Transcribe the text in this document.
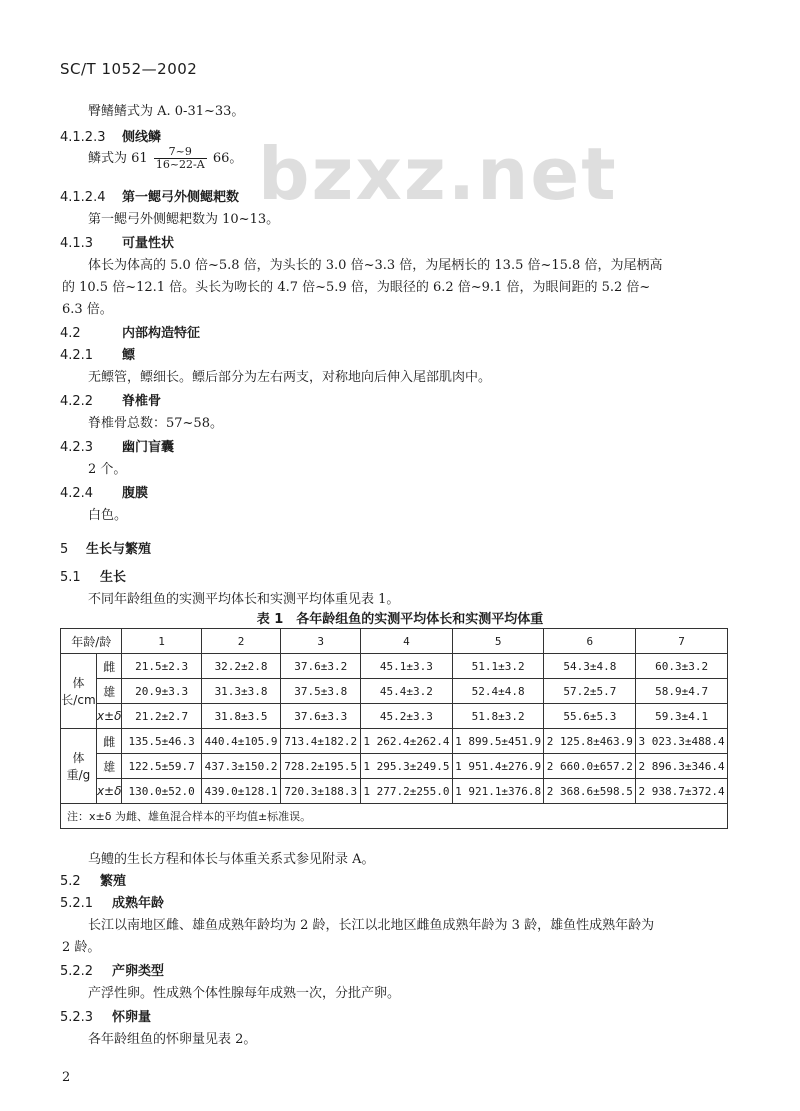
SC/T 1052—2002
bzxz.net
臀鳍鳍式为 A. 0-31~33。
4.1.2.3 侧线鳞
鳞式为 $61 \frac{7\sim 9}{16\sim 22-A} 66$。
4.1.2.4 第一鳃弓外侧鳃耙数
第一鳃弓外侧鳃耙数为 10~13。
4.1.3 可量性状
体长为体高的 5.0 倍~5.8 倍，为头长的 3.0 倍~3.3 倍，为尾柄长的 13.5 倍~15.8 倍，为尾柄高
的 10.5 倍~12.1 倍。头长为吻长的 4.7 倍~5.9 倍，为眼径的 6.2 倍~9.1 倍，为眼间距的 5.2 倍~
6.3 倍。
4.2	内部构造特征
4.2.1 鳔
无鳔管，鳔细长。鳔后部分为左右两支，对称地向后伸入尾部肌肉中。
4.2.2 脊椎骨
脊椎骨总数：57~58。
4.2.3 幽门盲囊
2 个。
4.2.4 腹膜
白色。
5 生长与繁殖
5.1 生长
不同年龄组鱼的实测平均体长和实测平均体重见表 1。
表 1　各年龄组鱼的实测平均体长和实测平均体重
年龄/龄		1	2	3	4	5	6	7
体长/cm	雌	21.5±2.3	32.2±2.8	37.6±3.2	45.1±3.3	51.1±3.2	54.3±4.8	60.3±3.2
	雄	20.9±3.3	31.3±3.8	37.5±3.8	45.4±3.2	52.4±4.8	57.2±5.7	58.9±4.7
	x±δ	21.2±2.7	31.8±3.5	37.6±3.3	45.2±3.3	51.8±3.2	55.6±5.3	59.3±4.1
体重/g	雌	135.5±46.3	440.4±105.9	713.4±182.2	1 262.4±262.4	1 899.5±451.9	2 125.8±463.9	3 023.3±488.4
	雄	122.5±59.7	437.3±150.2	728.2±195.5	1 295.3±249.5	1 951.4±276.9	2 660.0±657.2	2 896.3±346.4
	x±δ	130.0±52.0	439.0±128.1	720.3±188.3	1 277.2±255.0	1 921.1±376.8	2 368.6±598.5	2 938.7±372.4
注：x±δ 为雌、雄鱼混合样本的平均值±标准误。								
乌鳢的生长方程和体长与体重关系式参见附录 A。
5.2 繁殖
5.2.1 成熟年龄
长江以南地区雌、雄鱼成熟年龄均为 2 龄，长江以北地区雌鱼成熟年龄为 3 龄，雄鱼性成熟年龄为
2 龄。
5.2.2 产卵类型
产浮性卵。性成熟个体性腺每年成熟一次，分批产卵。
5.2.3 怀卵量
各年龄组鱼的怀卵量见表 2。
2
